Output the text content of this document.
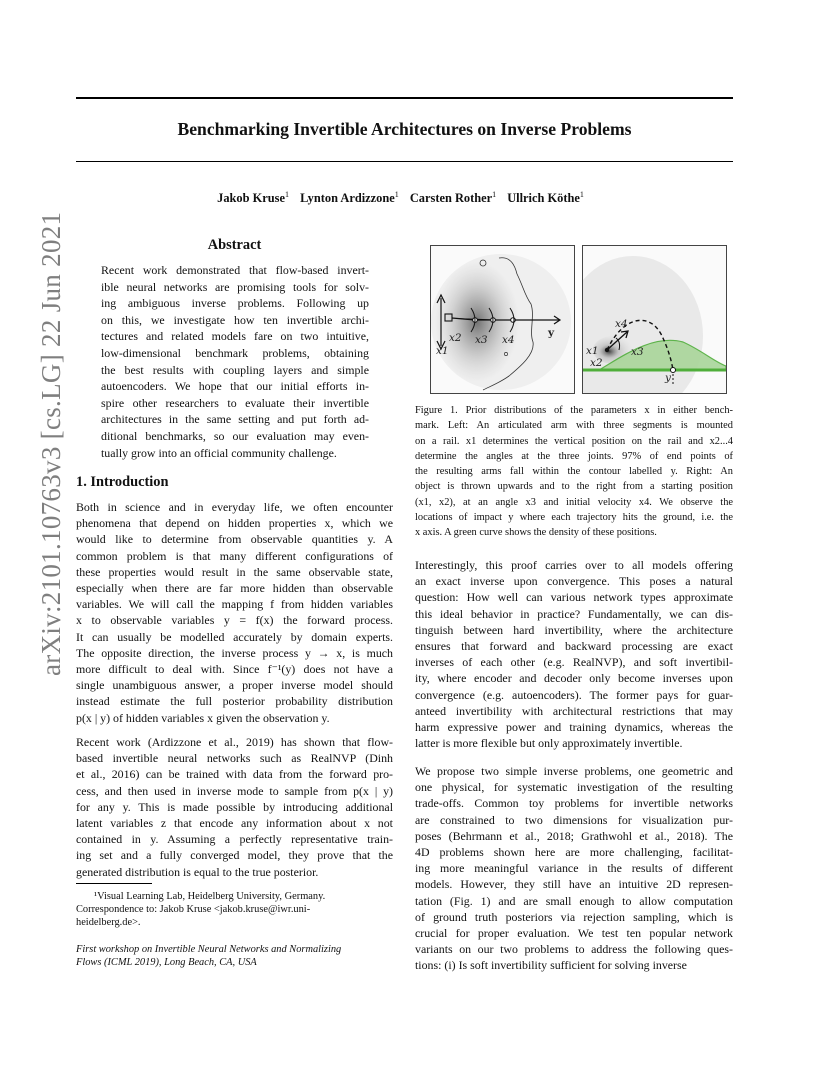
arXiv:2101.10763v3 [cs.LG] 22 Jun 2021
Benchmarking Invertible Architectures on Inverse Problems
Jakob Kruse$^1$ Lynton Ardizzone$^1$ Carsten Rother$^1$ Ullrich Köthe$^1$
Abstract
Recent work demonstrated that flow-based invert-
ible neural networks are promising tools for solv-
ing ambiguous inverse problems. Following up
on this, we investigate how ten invertible archi-
tectures and related models fare on two intuitive,
low-dimensional benchmark problems, obtaining
the best results with coupling layers and simple
autoencoders. We hope that our initial efforts in-
spire other researchers to evaluate their invertible
architectures in the same setting and put forth ad-
ditional benchmarks, so our evaluation may even-
tually grow into an official community challenge.
1. Introduction
Both in science and in everyday life, we often encounter
phenomena that depend on hidden properties x, which we
would like to determine from observable quantities y. A
common problem is that many different configurations of
these properties would result in the same observable state,
especially when there are far more hidden than observable
variables. We will call the mapping f from hidden variables
x to observable variables y = f(x) the forward process.
It can usually be modelled accurately by domain experts.
The opposite direction, the inverse process y → x, is much
more difficult to deal with. Since f⁻¹(y) does not have a
single unambiguous answer, a proper inverse model should
instead estimate the full posterior probability distribution
p(x | y) of hidden variables x given the observation y.
Recent work (Ardizzone et al., 2019) has shown that flow-
based invertible neural networks such as RealNVP (Dinh
et al., 2016) can be trained with data from the forward pro-
cess, and then used in inverse mode to sample from p(x | y)
for any y. This is made possible by introducing additional
latent variables z that encode any information about x not
contained in y. Assuming a perfectly representative train-
ing set and a fully converged model, they prove that the
generated distribution is equal to the true posterior.
¹Visual Learning Lab, Heidelberg University, Germany.
Correspondence to: Jakob Kruse <jakob.kruse@iwr.uni-
heidelberg.de>.
First workshop on Invertible Neural Networks and Normalizing
Flows (ICML 2019), Long Beach, CA, USA
y
x2 x3 x4
x1
x4
x1	x3
x2
y
Figure 1. Prior distributions of the parameters x in either bench-
mark. Left: An articulated arm with three segments is mounted
on a rail. x1 determines the vertical position on the rail and x2...4
determine the angles at the three joints. 97% of end points of
the resulting arms fall within the contour labelled y. Right: An
object is thrown upwards and to the right from a starting position
(x1, x2), at an angle x3 and initial velocity x4. We observe the
locations of impact y where each trajectory hits the ground, i.e. the
x axis. A green curve shows the density of these positions.
Interestingly, this proof carries over to all models offering
an exact inverse upon convergence. This poses a natural
question: How well can various network types approximate
this ideal behavior in practice? Fundamentally, we can dis-
tinguish between hard invertibility, where the architecture
ensures that forward and backward processing are exact
inverses of each other (e.g. RealNVP), and soft invertibil-
ity, where encoder and decoder only become inverses upon
convergence (e.g. autoencoders). The former pays for guar-
anteed invertibility with architectural restrictions that may
harm expressive power and training dynamics, whereas the
latter is more flexible but only approximately invertible.
We propose two simple inverse problems, one geometric and
one physical, for systematic investigation of the resulting
trade-offs. Common toy problems for invertible networks
are constrained to two dimensions for visualization pur-
poses (Behrmann et al., 2018; Grathwohl et al., 2018). The
4D problems shown here are more challenging, facilitat-
ing more meaningful variance in the results of different
models. However, they still have an intuitive 2D represen-
tation (Fig. 1) and are small enough to allow computation
of ground truth posteriors via rejection sampling, which is
crucial for proper evaluation. We test ten popular network
variants on our two problems to address the following ques-
tions: (i) Is soft invertibility sufficient for solving inverse
